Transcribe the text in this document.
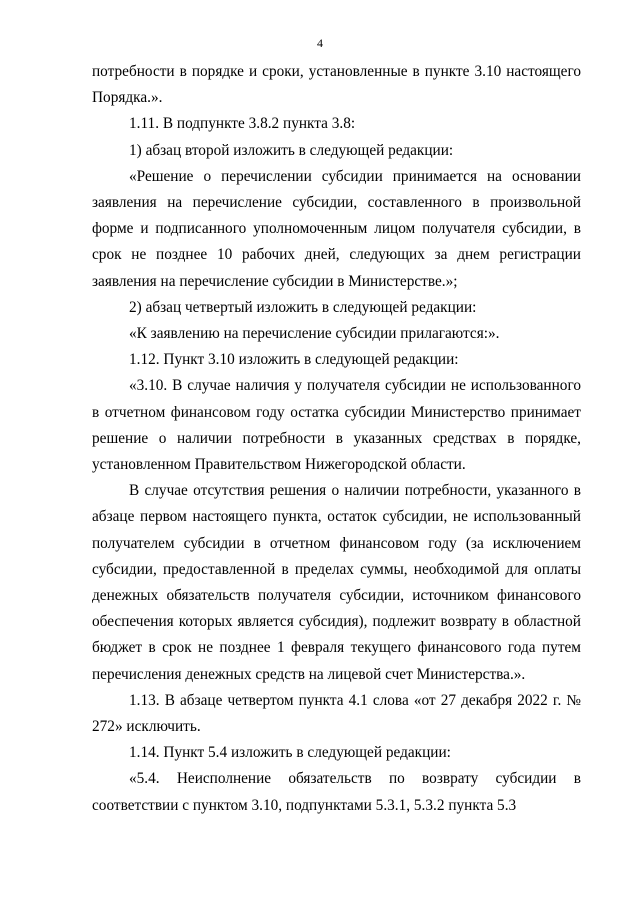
4

потребности в порядке и сроки, установленные в пункте 3.10 настоящего Порядка.».

1.11. В подпункте 3.8.2 пункта 3.8:

1) абзац второй изложить в следующей редакции:

«Решение о перечислении субсидии принимается на основании заявления на перечисление субсидии, составленного в произвольной форме и подписанного уполномоченным лицом получателя субсидии, в срок не позднее 10 рабочих дней, следующих за днем регистрации заявления на перечисление субсидии в Министерстве.»;

2) абзац четвертый изложить в следующей редакции:

«К заявлению на перечисление субсидии прилагаются:».

1.12. Пункт 3.10 изложить в следующей редакции:

«3.10. В случае наличия у получателя субсидии не использованного в отчетном финансовом году остатка субсидии Министерство принимает решение о наличии потребности в указанных средствах в порядке, установленном Правительством Нижегородской области.

В случае отсутствия решения о наличии потребности, указанного в абзаце первом настоящего пункта, остаток субсидии, не использованный получателем субсидии в отчетном финансовом году (за исключением субсидии, предоставленной в пределах суммы, необходимой для оплаты денежных обязательств получателя субсидии, источником финансового обеспечения которых является субсидия), подлежит возврату в областной бюджет в срок не позднее 1 февраля текущего финансового года путем перечисления денежных средств на лицевой счет Министерства.».

1.13. В абзаце четвертом пункта 4.1 слова «от 27 декабря 2022 г. № 272» исключить.

1.14. Пункт 5.4 изложить в следующей редакции:

«5.4. Неисполнение обязательств по возврату субсидии в соответствии с пунктом 3.10, подпунктами 5.3.1, 5.3.2 пункта 5.3
